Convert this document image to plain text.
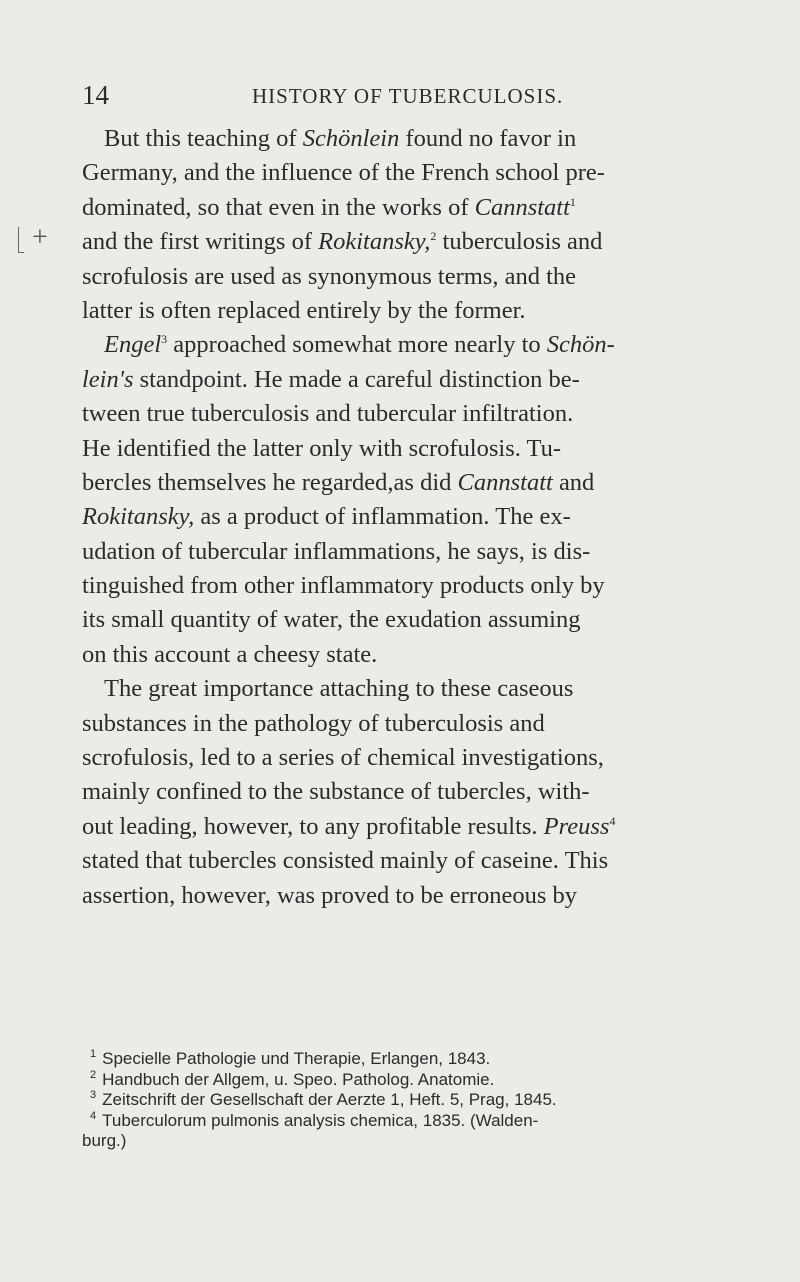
14	HISTORY OF TUBERCULOSIS.
+
But this teaching of Schönlein found no favor in
Germany, and the influence of the French school pre-
dominated, so that even in the works of Cannstatt$^1$
and the first writings of Rokitansky,$^2$ tuberculosis and
scrofulosis are used as synonymous terms, and the
latter is often replaced entirely by the former.
Engel$^3$ approached somewhat more nearly to Schön-
lein's standpoint. He made a careful distinction be-
tween true tuberculosis and tubercular infiltration.
He identified the latter only with scrofulosis. Tu-
bercles themselves he regarded,as did Cannstatt and
Rokitansky, as a product of inflammation. The ex-
udation of tubercular inflammations, he says, is dis-
tinguished from other inflammatory products only by
its small quantity of water, the exudation assuming
on this account a cheesy state.
The great importance attaching to these caseous
substances in the pathology of tuberculosis and
scrofulosis, led to a series of chemical investigations,
mainly confined to the substance of tubercles, with-
out leading, however, to any profitable results. Preuss$^4$
stated that tubercles consisted mainly of caseine. This
assertion, however, was proved to be erroneous by
$^1$ Specielle Pathologie und Therapie, Erlangen, 1843.
$^2$ Handbuch der Allgem, u. Speo. Patholog. Anatomie.
$^3$ Zeitschrift der Gesellschaft der Aerzte 1, Heft. 5, Prag, 1845.
$^4$ Tuberculorum pulmonis analysis chemica, 1835. (Walden-
burg.)
